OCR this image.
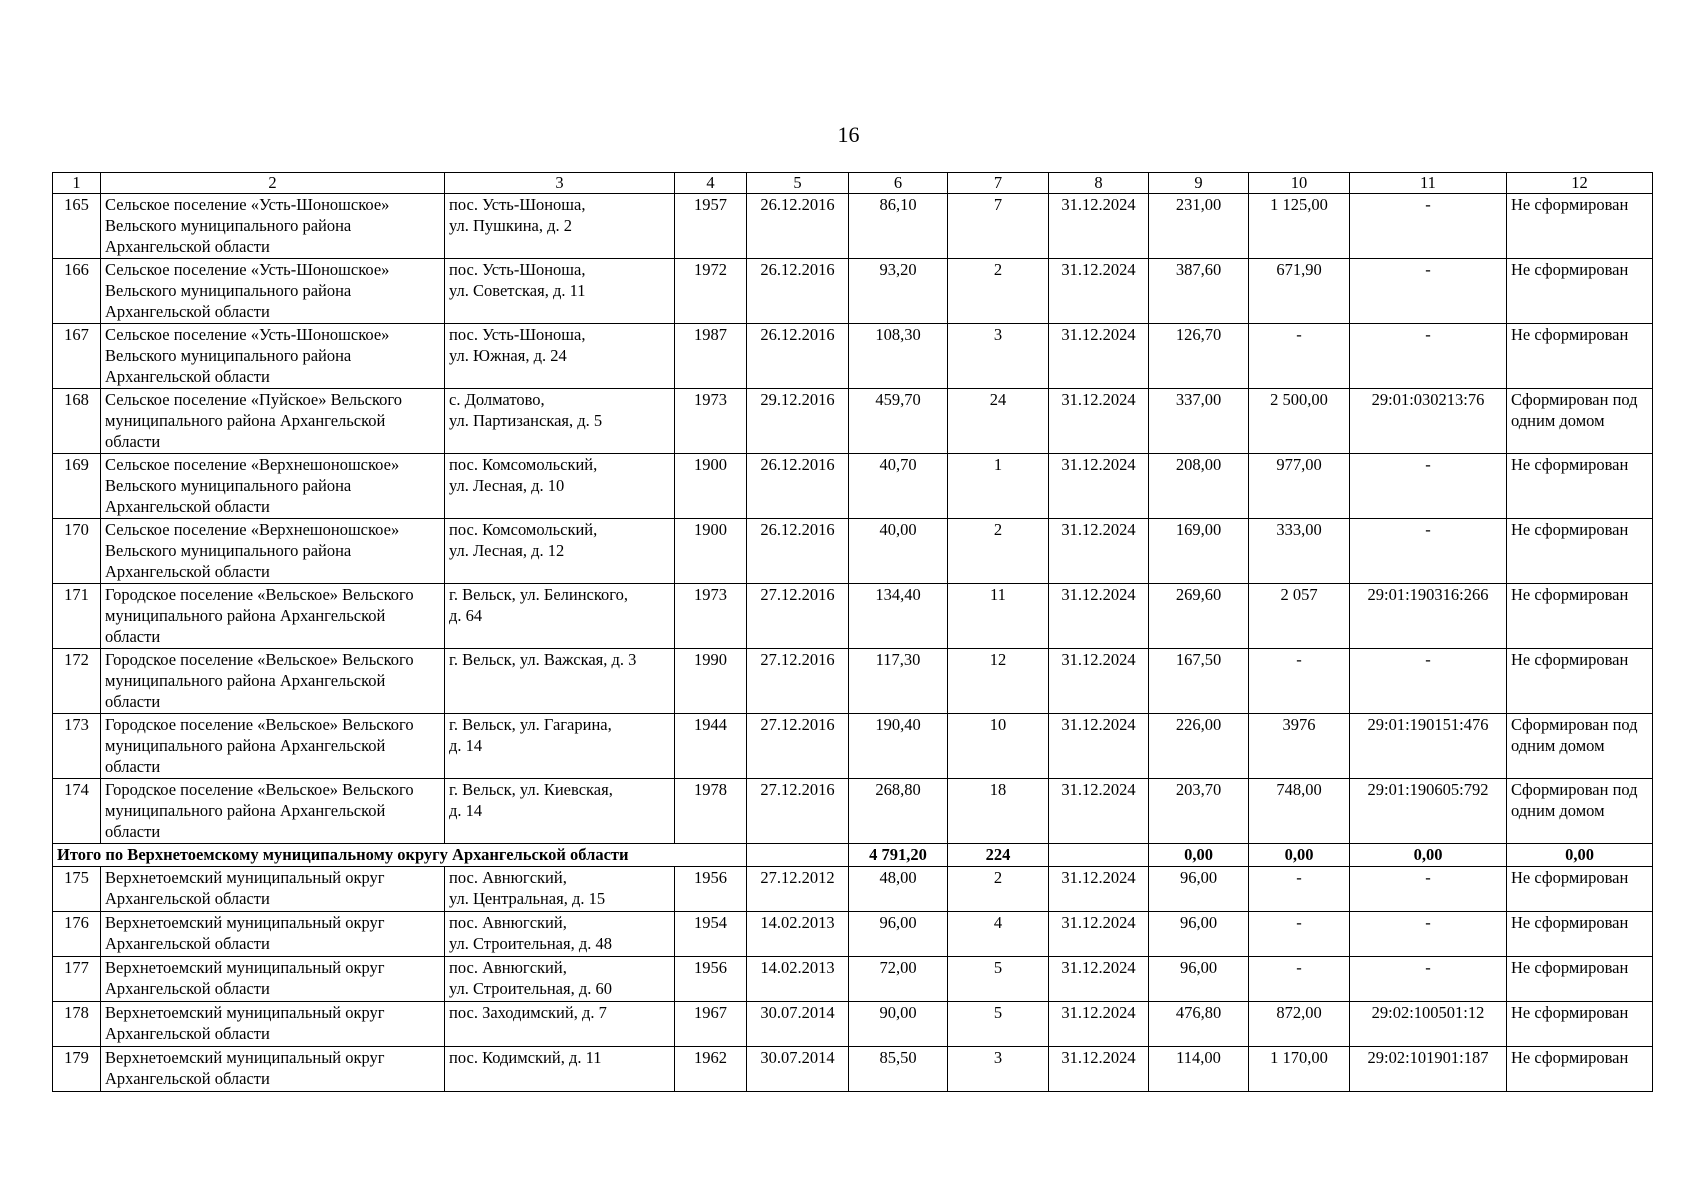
16
1	2	3	4	5	6	7	8	9	10	11	12
165	Сельское поселение «Усть-Шоношское» Вельского муниципального района Архангельской области	пос. Усть-Шоноша,
ул. Пушкина, д. 2	1957	26.12.2016	86,10	7	31.12.2024	231,00	1 125,00	-	Не сформирован
166	Сельское поселение «Усть-Шоношское» Вельского муниципального района Архангельской области	пос. Усть-Шоноша,
ул. Советская, д. 11	1972	26.12.2016	93,20	2	31.12.2024	387,60	671,90	-	Не сформирован
167	Сельское поселение «Усть-Шоношское» Вельского муниципального района Архангельской области	пос. Усть-Шоноша,
ул. Южная, д. 24	1987	26.12.2016	108,30	3	31.12.2024	126,70	-	-	Не сформирован
168	Сельское поселение «Пуйское» Вельского муниципального района Архангельской области	с. Долматово,
ул. Партизанская, д. 5	1973	29.12.2016	459,70	24	31.12.2024	337,00	2 500,00	29:01:030213:76	Сформирован под одним домом
169	Сельское поселение «Верхнешоношское» Вельского муниципального района Архангельской области	пос. Комсомольский,
ул. Лесная, д. 10	1900	26.12.2016	40,70	1	31.12.2024	208,00	977,00	-	Не сформирован
170	Сельское поселение «Верхнешоношское» Вельского муниципального района Архангельской области	пос. Комсомольский,
ул. Лесная, д. 12	1900	26.12.2016	40,00	2	31.12.2024	169,00	333,00	-	Не сформирован
171	Городское поселение «Вельское» Вельского муниципального района Архангельской области	г. Вельск, ул. Белинского,
д. 64	1973	27.12.2016	134,40	11	31.12.2024	269,60	2 057	29:01:190316:266	Не сформирован
172	Городское поселение «Вельское» Вельского муниципального района Архангельской области	г. Вельск, ул. Важская, д. 3	1990	27.12.2016	117,30	12	31.12.2024	167,50	-	-	Не сформирован
173	Городское поселение «Вельское» Вельского муниципального района Архангельской области	г. Вельск, ул. Гагарина,
д. 14	1944	27.12.2016	190,40	10	31.12.2024	226,00	3976	29:01:190151:476	Сформирован под одним домом
174	Городское поселение «Вельское» Вельского муниципального района Архангельской области	г. Вельск, ул. Киевская,
д. 14	1978	27.12.2016	268,80	18	31.12.2024	203,70	748,00	29:01:190605:792	Сформирован под одним домом
Итого по Верхнетоемскому муниципальному округу Архангельской области					4 791,20	224		0,00	0,00	0,00	0,00
175	Верхнетоемский муниципальный округ Архангельской области	пос. Авнюгский,
ул. Центральная, д. 15	1956	27.12.2012	48,00	2	31.12.2024	96,00	-	-	Не сформирован
176	Верхнетоемский муниципальный округ Архангельской области	пос. Авнюгский,
ул. Строительная, д. 48	1954	14.02.2013	96,00	4	31.12.2024	96,00	-	-	Не сформирован
177	Верхнетоемский муниципальный округ Архангельской области	пос. Авнюгский,
ул. Строительная, д. 60	1956	14.02.2013	72,00	5	31.12.2024	96,00	-	-	Не сформирован
178	Верхнетоемский муниципальный округ Архангельской области	пос. Заходимский, д. 7	1967	30.07.2014	90,00	5	31.12.2024	476,80	872,00	29:02:100501:12	Не сформирован
179	Верхнетоемский муниципальный округ Архангельской области	пос. Кодимский, д. 11	1962	30.07.2014	85,50	3	31.12.2024	114,00	1 170,00	29:02:101901:187	Не сформирован
